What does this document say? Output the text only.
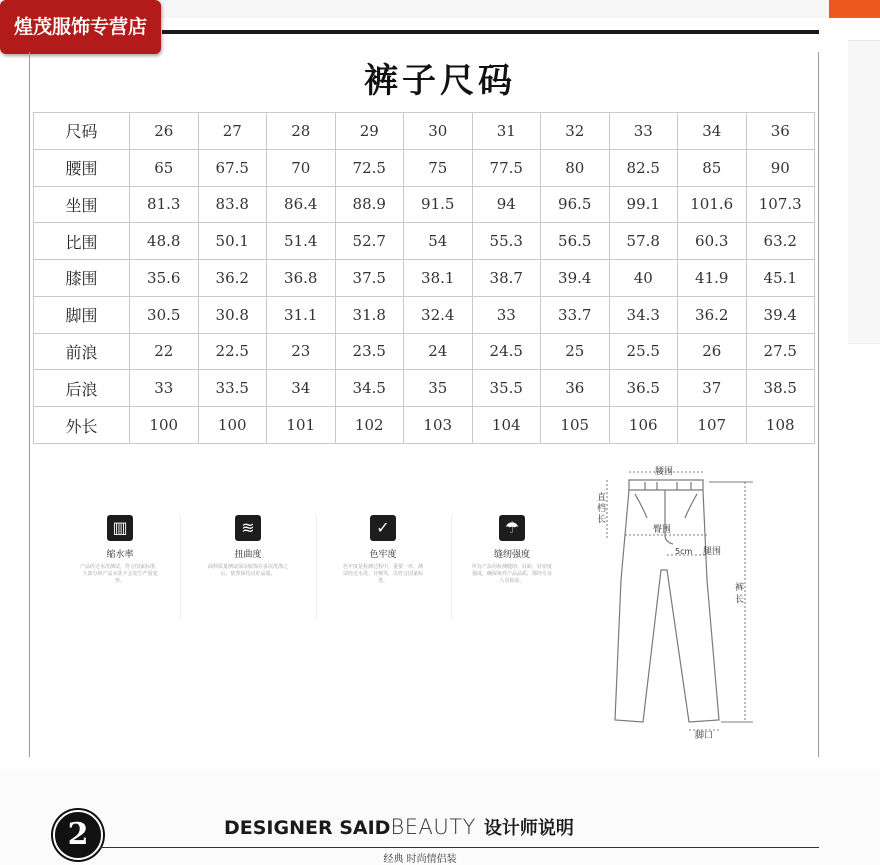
煌茂服饰专营店
裤子尺码
尺码	26	27	28	29	30	31	32	33	34	36
腰围	65	67.5	70	72.5	75	77.5	80	82.5	85	90
坐围	81.3	83.8	86.4	88.9	91.5	94	96.5	99.1	101.6	107.3
比围	48.8	50.1	51.4	52.7	54	55.3	56.5	57.8	60.3	63.2
膝围	35.6	36.2	36.8	37.5	38.1	38.7	39.4	40	41.9	45.1
脚围	30.5	30.8	31.1	31.8	32.4	33	33.7	34.3	36.2	39.4
前浪	22	22.5	23	23.5	24	24.5	25	25.5	26	27.5
后浪	33	33.5	34	34.5	35	35.5	36	36.5	37	38.5
外长	100	100	101	102	103	104	105	106	107	108
▥
缩水率
产品经过水洗测试，符合国家标准，大部分的产品水洗不会发生严重变形。
≋
扭曲度
面料质量测试保证服饰在多次洗涤之后，依然保持良好品质。
✓
色牢度
色牢度是检测过程中，重要一环，测试经过水洗、日晒等，以符合国家标准。
☂
缝纫强度
所有产品均检测缝纫、针距、针密度强度，确保每件产品品质，都经专业人员检验。
腰围
直档长
臀围
5cm 腿围
裤长
脚口
2	DESIGNER SAIDBEAUTY 设计师说明
经典 时尚情侣装
